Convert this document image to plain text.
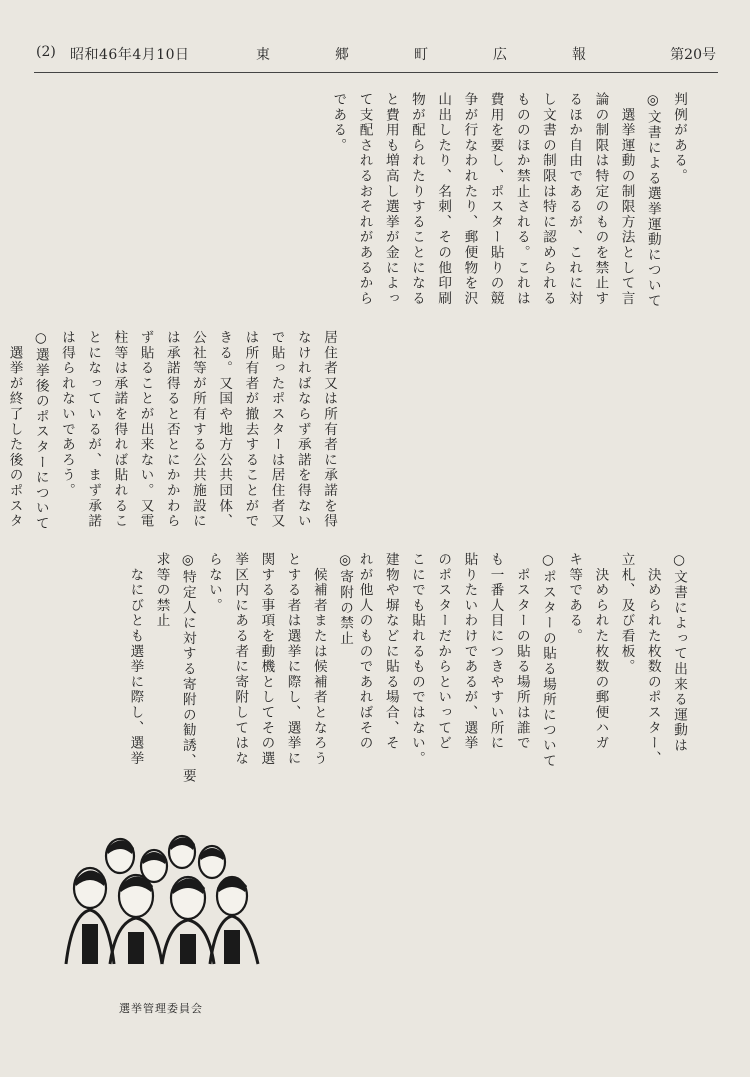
(2) 昭和46年4月10日	東	郷	町	広	報	第20号
判例がある。
◎文書による選挙運動について
　選挙運動の制限方法として言
論の制限は特定のものを禁止す
るほか自由であるが、これに対
し文書の制限は特に認められる
もののほか禁止される。これは
費用を要し、ポスター貼りの競
争が行なわれたり、郵便物を沢
山出したり、名刺、その他印刷
物が配られたりすることになる
と費用も増高し選挙が金によっ
て支配されるおそれがあるから
である。
居住者又は所有者に承諾を得
なければならず承諾を得ない
で貼ったポスターは居住者又
は所有者が撤去することがで
きる。又国や地方公共団体、
公社等が所有する公共施設に
は承諾得ると否とにかかわら
ず貼ることが出来ない。又電
柱等は承諾を得れば貼れるこ
とになっているが、まず承諾
は得られないであろう。
○選挙後のポスターについて
　選挙が終了した後のポスタ

○文書によって出来る運動は
　決められた枚数のポスター、
立札、及び看板。
　決められた枚数の郵便ハガ
キ等である。
○ポスターの貼る場所について
　ポスターの貼る場所は誰で
も一番人目につきやすい所に
貼りたいわけであるが、選挙
のポスターだからといってど
こにでも貼れるものではない。
建物や塀などに貼る場合、そ
れが他人のものであればその
◎寄附の禁止
　候補者または候補者となろう
とする者は選挙に際し、選挙に
関する事項を動機としてその選
挙区内にある者に寄附してはな
らない。
◎特定人に対する寄附の勧誘、要
求等の禁止
　なにびとも選挙に際し、選挙
選挙管理委員会
